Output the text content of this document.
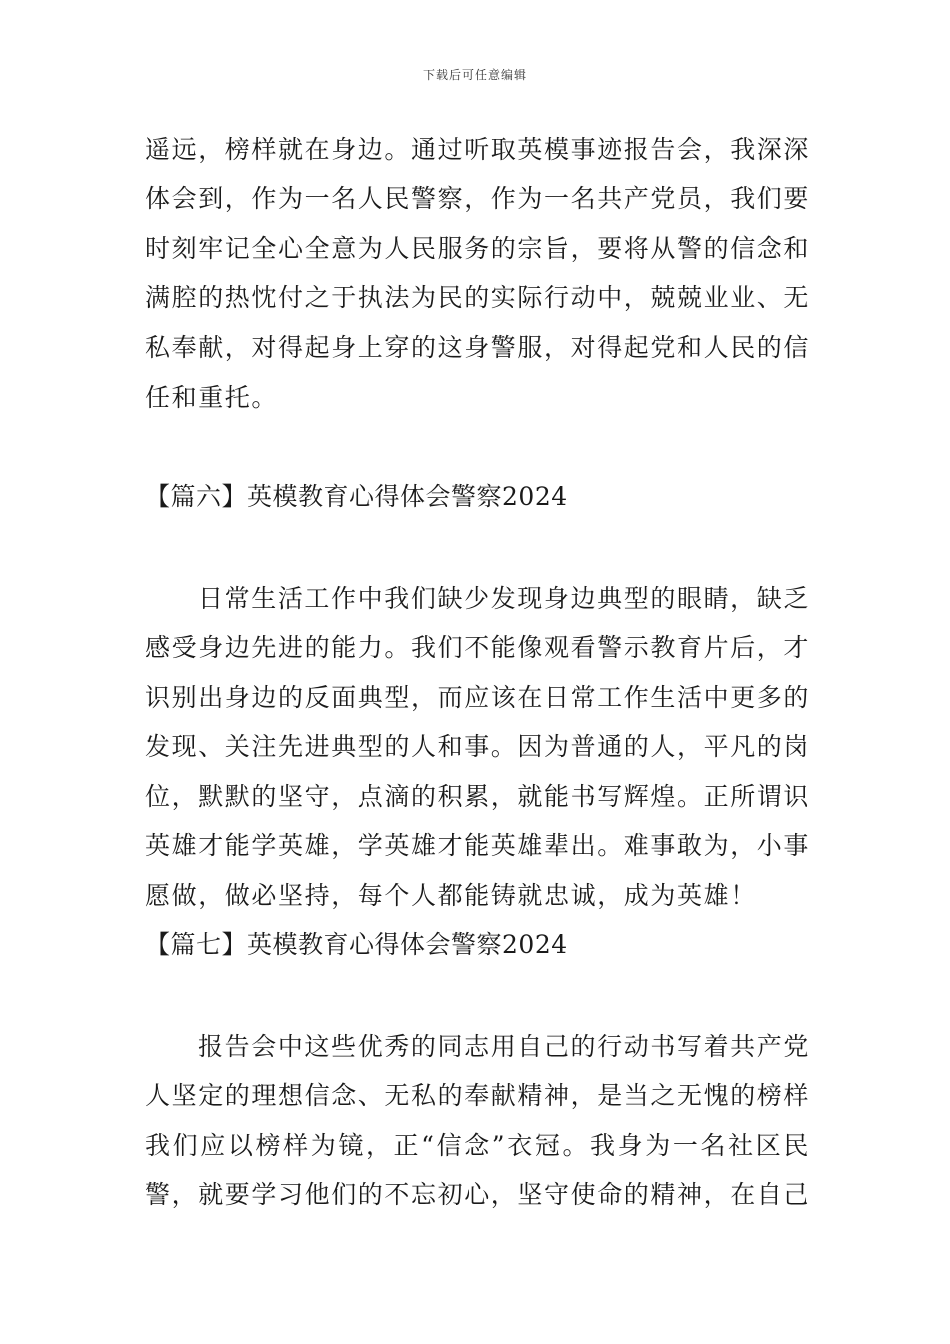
下载后可任意编辑
遥远，榜样就在身边。通过听取英模事迹报告会，我深深
体会到，作为一名人民警察，作为一名共产党员，我们要
时刻牢记全心全意为人民服务的宗旨，要将从警的信念和
满腔的热忱付之于执法为民的实际行动中，兢兢业业、无
私奉献，对得起身上穿的这身警服，对得起党和人民的信
任和重托。
【篇六】英模教育心得体会警察2024
日常生活工作中我们缺少发现身边典型的眼睛，缺乏
感受身边先进的能力。我们不能像观看警示教育片后，才
识别出身边的反面典型，而应该在日常工作生活中更多的
发现、关注先进典型的人和事。因为普通的人，平凡的岗
位，默默的坚守，点滴的积累，就能书写辉煌。正所谓识
英雄才能学英雄，学英雄才能英雄辈出。难事敢为，小事
愿做，做必坚持，每个人都能铸就忠诚，成为英雄！
【篇七】英模教育心得体会警察2024
报告会中这些优秀的同志用自己的行动书写着共产党
人坚定的理想信念、无私的奉献精神，是当之无愧的榜样
我们应以榜样为镜，正“信念”衣冠。我身为一名社区民
警，就要学习他们的不忘初心，坚守使命的精神，在自己
